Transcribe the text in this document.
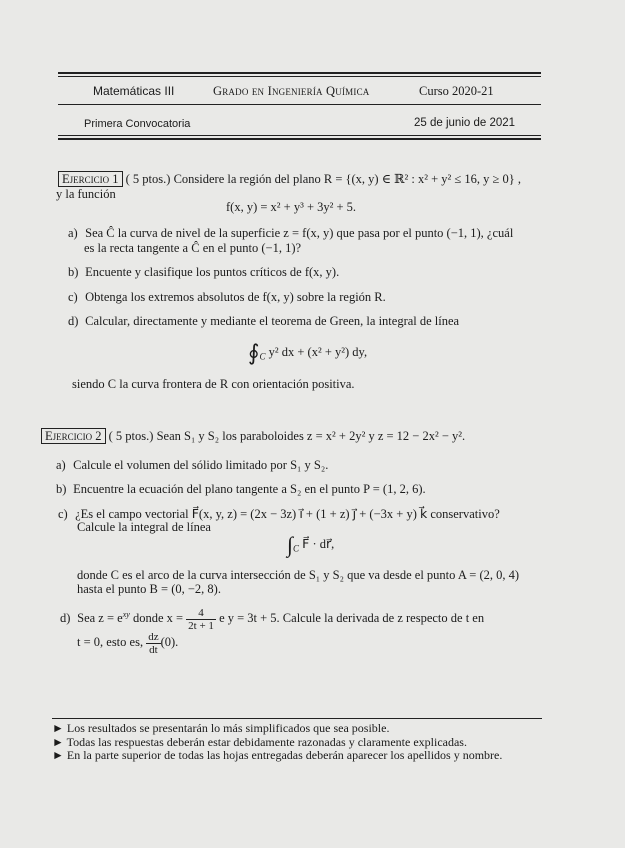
Matemáticas III	Grado en Ingeniería Química	Curso 2020-21
Primera Convocatoria	25 de junio de 2021
Ejercicio 1 ( 5 ptos.) Considere la región del plano R = {(x, y) ∈ ℝ² : x² + y² ≤ 16, y ≥ 0} ,
y la función
f(x, y) = x² + y³ + 3y² + 5.
a) Sea Ĉ la curva de nivel de la superficie z = f(x, y) que pasa por el punto (−1, 1), ¿cuál
es la recta tangente a Ĉ en el punto (−1, 1)?
b) Encuente y clasifique los puntos críticos de f(x, y).
c) Obtenga los extremos absolutos de f(x, y) sobre la región R.
d) Calcular, directamente y mediante el teorema de Green, la integral de línea
$∮_C$ y² dx + (x² + y²) dy,
siendo C la curva frontera de R con orientación positiva.
Ejercicio 2 ( 5 ptos.) Sean S₁ y S₂ los paraboloides z = x² + 2y² y z = 12 − 2x² − y².
a) Calcule el volumen del sólido limitado por S₁ y S₂.
b) Encuentre la ecuación del plano tangente a S₂ en el punto P = (1, 2, 6).
c) ¿Es el campo vectorial F⃗(x, y, z) = (2x − 3z) ı⃗ + (1 + z) ȷ⃗ + (−3x + y) k⃗ conservativo?
Calcule la integral de línea
$\int_C$ F⃗ · dr⃗,
donde C es el arco de la curva intersección de S₁ y S₂ que va desde el punto A = (2, 0, 4)
hasta el punto B = (0, −2, 8).
d) Sea $z = e^{xy}$ donde $x = \frac{4}{2t + 1}$ e y = 3t + 5. Calcule la derivada de z respecto de t en
t = 0, esto es, $\frac{dz}{dt} (0)$.
► Los resultados se presentarán lo más simplificados que sea posible.
► Todas las respuestas deberán estar debidamente razonadas y claramente explicadas.
► En la parte superior de todas las hojas entregadas deberán aparecer los apellidos y nombre.
